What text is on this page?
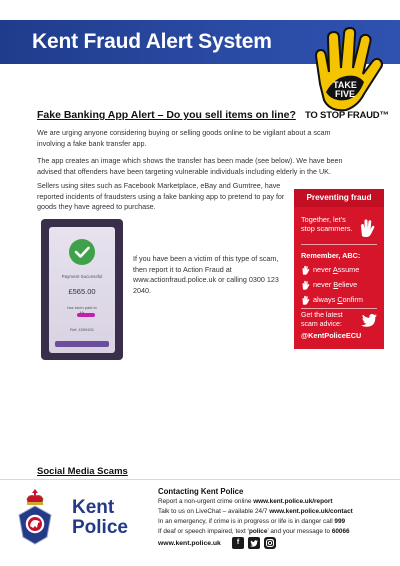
Kent Fraud Alert System
TAKE
FIVE
TO STOP FRAUD™
Fake Banking App Alert – Do you sell items on line?
We are urging anyone considering buying or selling goods online to be vigilant about a scam involving a fake bank transfer app.
The app creates an image which shows the transfer has been made (see below). We have been advised that offenders have been targeting vulnerable individuals including elderly in the UK.
Sellers using sites such as Facebook Marketplace, eBay and Gumtree, have reported incidents of fraudsters using a fake banking app to pretend to pay for goods they have agreed to purchase.
Payment Successful
£565.00
has been paid to

Ref: 4399431
If you have been a victim of this type of scam, then report it to Action Fraud at www.actionfraud.police.uk or calling 0300 123 2040.
Preventing fraud
Together, let's stop scammers.
Remember, ABC:
never Assume
never Believe
always Confirm
Get the latest scam advice:
@KentPoliceECU
Social Media Scams
Kent
Police
Contacting Kent Police
Report a non-urgent crime online www.kent.police.uk/report
Talk to us on LiveChat – available 24/7 www.kent.police.uk/contact
In an emergency, if crime is in progress or life is in danger call 999
If deaf or speech impaired, text ‘police’ and your message to 60066
www.kent.police.uk	f
